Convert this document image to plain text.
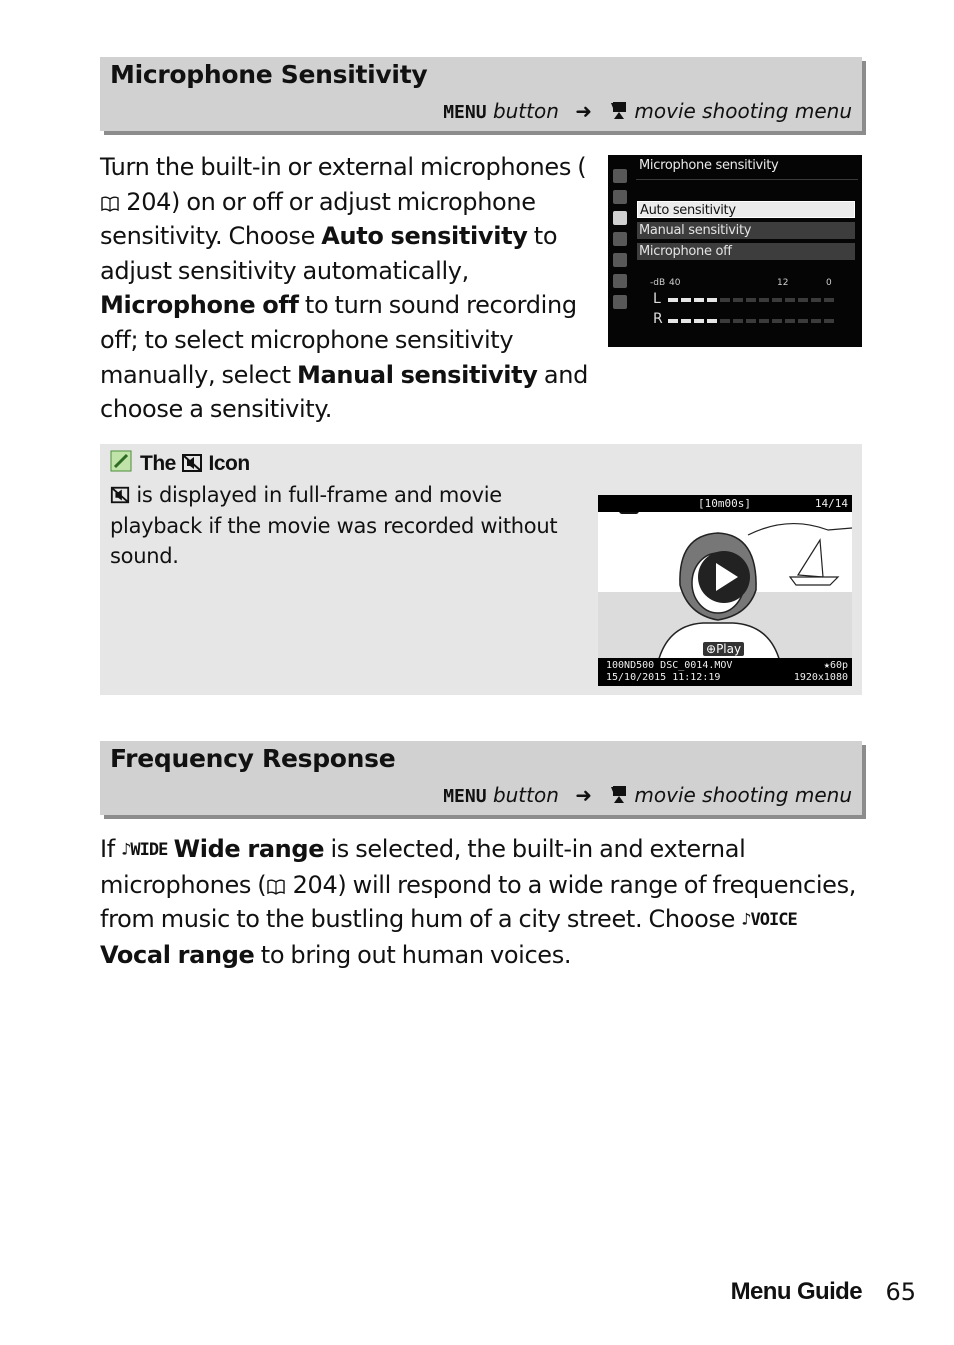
Microphone Sensitivity
MENU button ➜ movie shooting menu
Turn the built-in or external microphones ( 204) on or off or adjust microphone sensitivity. Choose Auto sensitivity to adjust sensitivity automatically, Microphone off to turn sound recording off; to select microphone sensitivity manually, select Manual sensitivity and choose a sensitivity.
Microphone sensitivity
Auto sensitivity
Manual sensitivity
Microphone off
-dB 40	12	0
L
R
The Icon
is displayed in full-frame and movie playback if the movie was recorded without sound.
[10m00s]	14/14
⊕Play
100ND500 DSC_0014.MOV	★60p
15/10/2015 11:12:19	1920x1080
Frequency Response
MENU button ➜ movie shooting menu
If ♪WIDE Wide range is selected, the built-in and external microphones ( 204) will respond to a wide range of frequencies, from music to the bustling hum of a city street. Choose ♪VOICE Vocal range to bring out human voices.
Menu Guide 65
